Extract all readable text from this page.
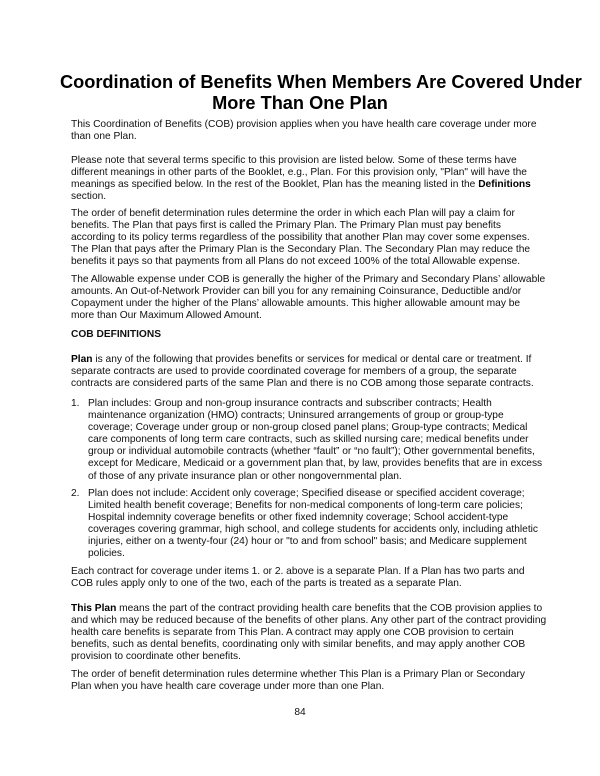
Coordination of Benefits When Members Are Covered Under
More Than One Plan
This Coordination of Benefits (COB) provision applies when you have health care coverage under more
than one Plan.
Please note that several terms specific to this provision are listed below. Some of these terms have
different meanings in other parts of the Booklet, e.g., Plan. For this provision only, "Plan" will have the
meanings as specified below. In the rest of the Booklet, Plan has the meaning listed in the Definitions
section.
The order of benefit determination rules determine the order in which each Plan will pay a claim for
benefits. The Plan that pays first is called the Primary Plan. The Primary Plan must pay benefits
according to its policy terms regardless of the possibility that another Plan may cover some expenses.
The Plan that pays after the Primary Plan is the Secondary Plan. The Secondary Plan may reduce the
benefits it pays so that payments from all Plans do not exceed 100% of the total Allowable expense.
The Allowable expense under COB is generally the higher of the Primary and Secondary Plans’ allowable
amounts. An Out-of-Network Provider can bill you for any remaining Coinsurance, Deductible and/or
Copayment under the higher of the Plans’ allowable amounts. This higher allowable amount may be
more than Our Maximum Allowed Amount.
COB DEFINITIONS
Plan is any of the following that provides benefits or services for medical or dental care or treatment. If
separate contracts are used to provide coordinated coverage for members of a group, the separate
contracts are considered parts of the same Plan and there is no COB among those separate contracts.
1. Plan includes: Group and non-group insurance contracts and subscriber contracts; Health
maintenance organization (HMO) contracts; Uninsured arrangements of group or group-type
coverage; Coverage under group or non-group closed panel plans; Group-type contracts; Medical
care components of long term care contracts, such as skilled nursing care; medical benefits under
group or individual automobile contracts (whether “fault” or “no fault”); Other governmental benefits,
except for Medicare, Medicaid or a government plan that, by law, provides benefits that are in excess
of those of any private insurance plan or other nongovernmental plan.
2. Plan does not include: Accident only coverage; Specified disease or specified accident coverage;
Limited health benefit coverage; Benefits for non-medical components of long-term care policies;
Hospital indemnity coverage benefits or other fixed indemnity coverage; School accident-type
coverages covering grammar, high school, and college students for accidents only, including athletic
injuries, either on a twenty-four (24) hour or "to and from school" basis; and Medicare supplement
policies.
Each contract for coverage under items 1. or 2. above is a separate Plan. If a Plan has two parts and
COB rules apply only to one of the two, each of the parts is treated as a separate Plan.
This Plan means the part of the contract providing health care benefits that the COB provision applies to
and which may be reduced because of the benefits of other plans. Any other part of the contract providing
health care benefits is separate from This Plan. A contract may apply one COB provision to certain
benefits, such as dental benefits, coordinating only with similar benefits, and may apply another COB
provision to coordinate other benefits.
The order of benefit determination rules determine whether This Plan is a Primary Plan or Secondary
Plan when you have health care coverage under more than one Plan.
84
